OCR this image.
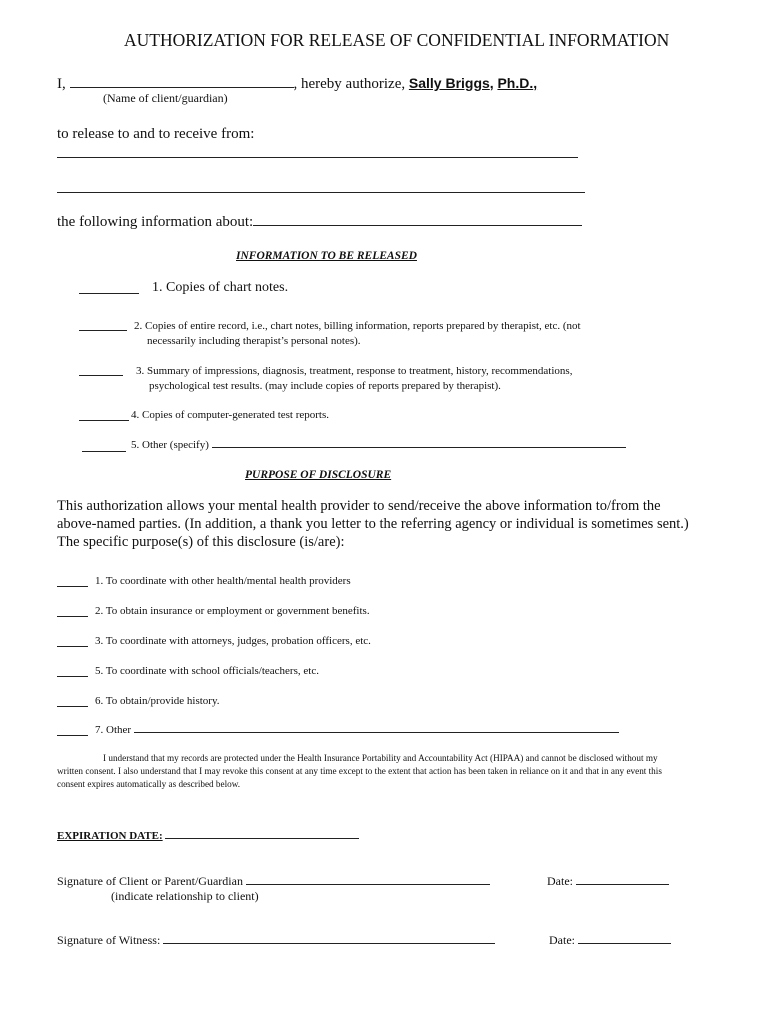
AUTHORIZATION FOR RELEASE OF CONFIDENTIAL INFORMATION
I,	, hereby authorize, Sally Briggs, Ph.D.,
(Name of client/guardian)
to release to and to receive from:
the following information about:
INFORMATION TO BE RELEASED
1. Copies of chart notes.
2. Copies of entire record, i.e., chart notes, billing information, reports prepared by therapist, etc. (not
necessarily including therapist’s personal notes).
3. Summary of impressions, diagnosis, treatment, response to treatment, history, recommendations,
psychological test results. (may include copies of reports prepared by therapist).
4. Copies of computer-generated test reports.
5. Other (specify)
PURPOSE OF DISCLOSURE
This authorization allows your mental health provider to send/receive the above information to/from the
above-named parties. (In addition, a thank you letter to the referring agency or individual is sometimes sent.)
The specific purpose(s) of this disclosure (is/are):
1. To coordinate with other health/mental health providers
2. To obtain insurance or employment or government benefits.
3. To coordinate with attorneys, judges, probation officers, etc.
5. To coordinate with school officials/teachers, etc.
6. To obtain/provide history.
7. Other
I understand that my records are protected under the Health Insurance Portability and Accountability Act (HIPAA) and cannot be disclosed without my
written consent. I also understand that I may revoke this consent at any time except to the extent that action has been taken in reliance on it and that in any event this
consent expires automatically as described below.
EXPIRATION DATE:
Signature of Client or Parent/Guardian
(indicate relationship to client)
Date:
Signature of Witness:	Date:
